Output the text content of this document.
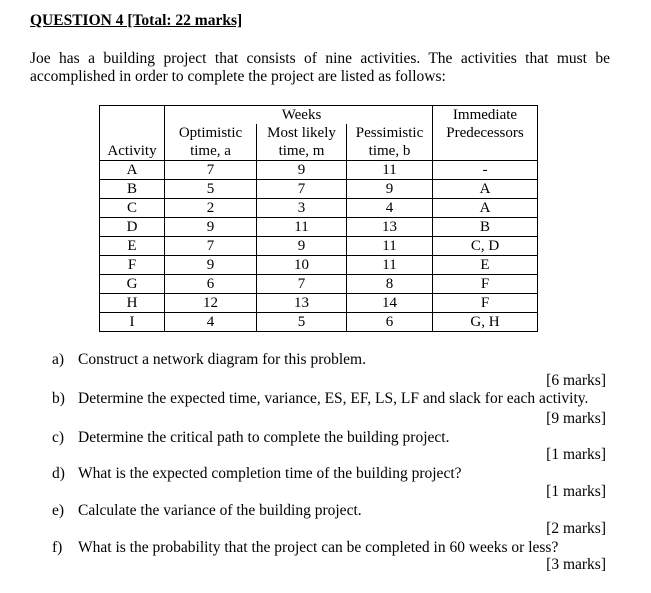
QUESTION 4 [Total: 22 marks]
Joe has a building project that consists of nine activities. The activities that must be accomplished in order to complete the project are listed as follows:
		Weeks		Immediate
	Optimistic	Most likely	Pessimistic	Predecessors
Activity	time, a	time, m	time, b	
A	7	9	11	-
B	5	7	9	A
C	2	3	4	A
D	9	11	13	B
E	7	9	11	C, D
F	9	10	11	E
G	6	7	8	F
H	12	13	14	F
I	4	5	6	G, H
a) Construct a network diagram for this problem.
[6 marks]
b) Determine the expected time, variance, ES, EF, LS, LF and slack for each activity.
[9 marks]
c) Determine the critical path to complete the building project.
[1 marks]
d) What is the expected completion time of the building project?
[1 marks]
e) Calculate the variance of the building project.
[2 marks]
f) What is the probability that the project can be completed in 60 weeks or less?
[3 marks]
